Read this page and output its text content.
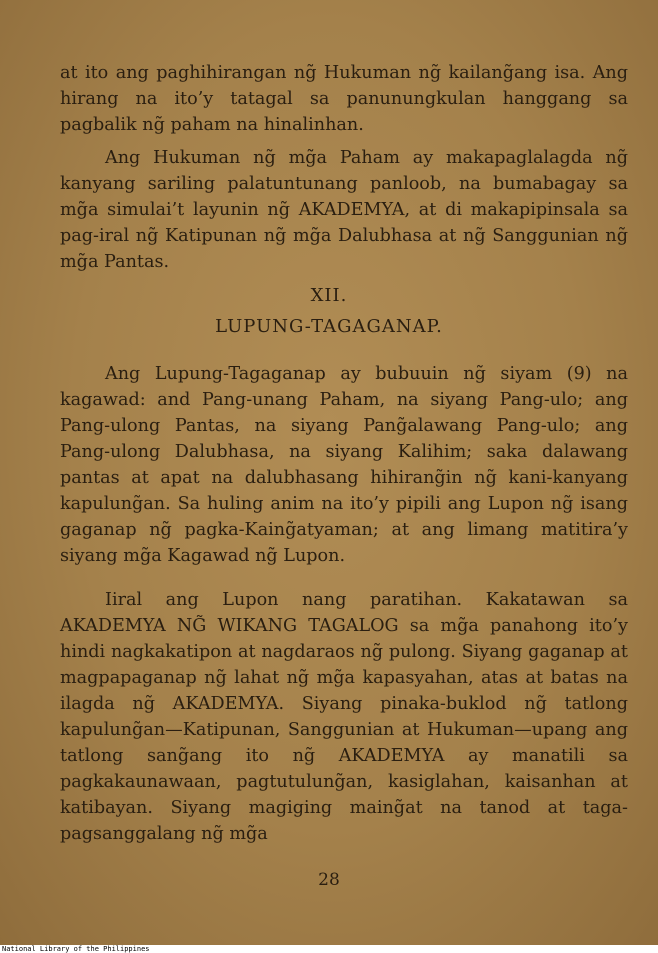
at ito ang paghihirangan ng̃ Hukuman ng̃ kailang̃ang isa. Ang hirang na ito’y tatagal sa panunungkulan hanggang sa pagbalik ng̃ paham na hinalinhan.

Ang Hukuman ng̃ mg̃a Paham ay makapaglalagda ng̃ kanyang sariling palatuntunang panloob, na bumabagay sa mg̃a simulai’t layunin ng̃ AKADEMYA, at di makapipinsala sa pag-iral ng̃ Katipunan ng̃ mg̃a Dalubhasa at ng̃ Sanggunian ng̃ mg̃a Pantas.

XII.
LUPUNG-TAGAGANAP.

Ang Lupung-Tagaganap ay bubuuin ng̃ siyam (9) na kagawad: and Pang-unang Paham, na siyang Pang-ulo; ang Pang-ulong Pantas, na siyang Pang̃alawang Pang-ulo; ang Pang-ulong Dalubhasa, na siyang Kalihim; saka dalawang pantas at apat na dalubhasang hihirang̃in ng̃ kani-kanyang kapulung̃an. Sa huling anim na ito’y pipili ang Lupon ng̃ isang gaganap ng̃ pagka-Kaing̃atyaman; at ang limang matitira’y siyang mg̃a Kagawad ng̃ Lupon.

Iiral ang Lupon nang paratihan. Kakatawan sa AKADEMYA NG̃ WIKANG TAGALOG sa mg̃a panahong ito’y hindi nagkakatipon at nagdaraos ng̃ pulong. Siyang gaganap at magpapaganap ng̃ lahat ng̃ mg̃a kapasyahan, atas at batas na ilagda ng̃ AKADEMYA. Siyang pinaka-buklod ng̃ tatlong kapulung̃an—Katipunan, Sanggunian at Hukuman—upang ang tatlong sang̃ang ito ng̃ AKADEMYA ay manatili sa pagkakaunawaan, pagtutulung̃an, kasiglahan, kaisanhan at katibayan. Siyang magiging maing̃at na tanod at taga-pagsanggalang ng̃ mg̃a

28
National Library of the Philippines
